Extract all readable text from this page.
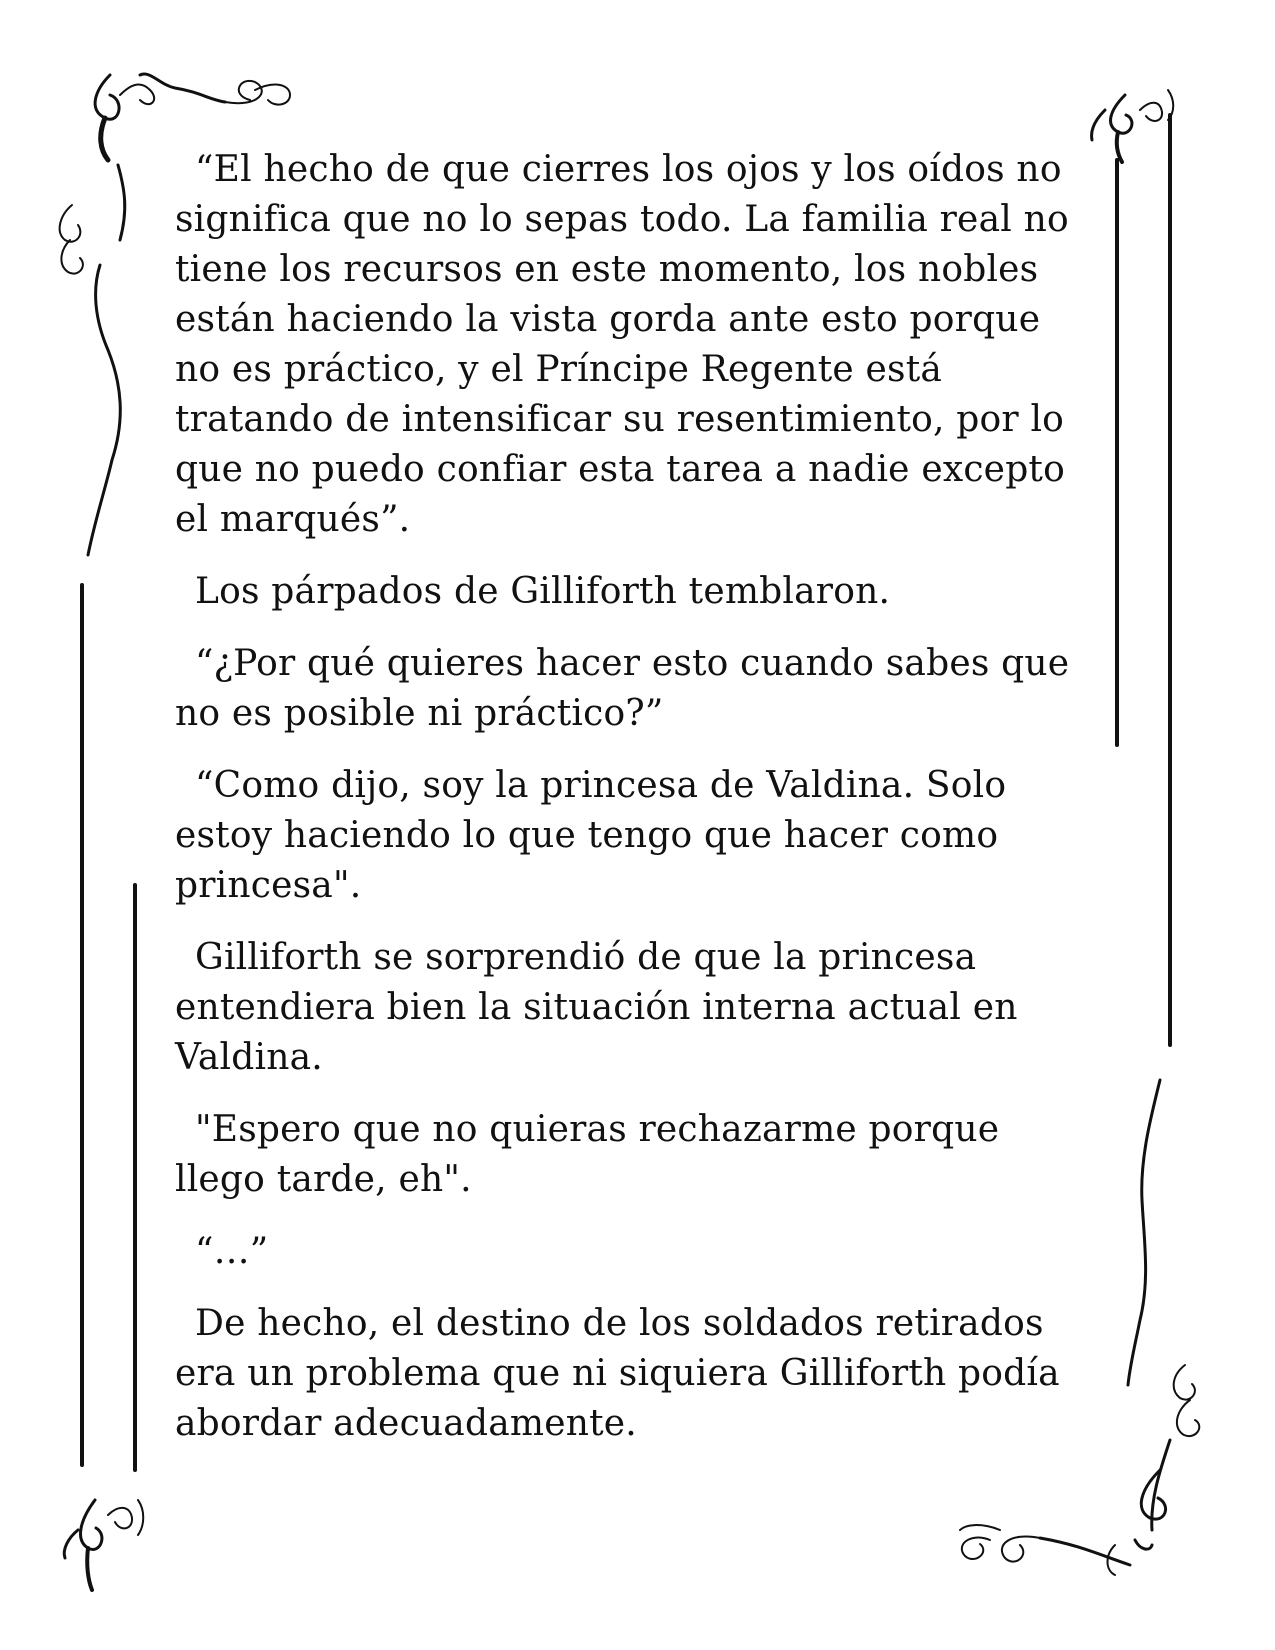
“El hecho de que cierres los ojos y los oídos no significa que no lo sepas todo. La familia real no tiene los recursos en este momento, los nobles están haciendo la vista gorda ante esto porque no es práctico, y el Príncipe Regente está tratando de intensificar su resentimiento, por lo que no puedo confiar esta tarea a nadie excepto el marqués”.

Los párpados de Gilliforth temblaron.

“¿Por qué quieres hacer esto cuando sabes que no es posible ni práctico?”

“Como dijo, soy la princesa de Valdina. Solo estoy haciendo lo que tengo que hacer como princesa".

Gilliforth se sorprendió de que la princesa entendiera bien la situación interna actual en Valdina.

"Espero que no quieras rechazarme porque llego tarde, eh".

“…”

De hecho, el destino de los soldados retirados era un problema que ni siquiera Gilliforth podía abordar adecuadamente.
